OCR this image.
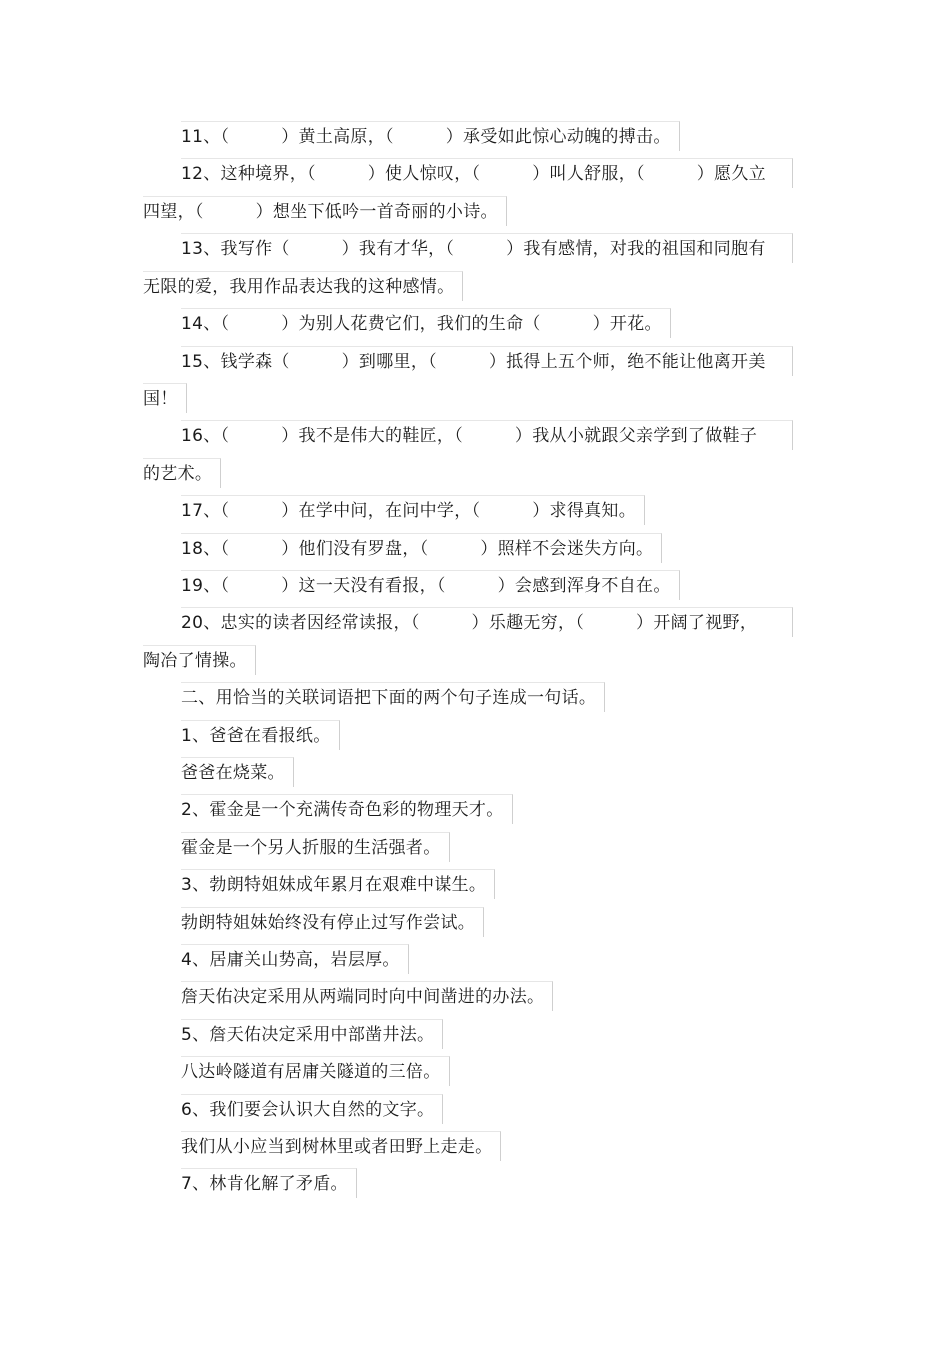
11、（　　　）黄土高原，（　　　）承受如此惊心动魄的搏击。
12、这种境界，（　　　）使人惊叹，（　　　）叫人舒服，（　　　）愿久立
四望，（　　　）想坐下低吟一首奇丽的小诗。
13、我写作（　　　）我有才华，（　　　）我有感情，对我的祖国和同胞有
无限的爱，我用作品表达我的这种感情。
14、（　　　）为别人花费它们，我们的生命（　　　）开花。
15、钱学森（　　　）到哪里，（　　　）抵得上五个师，绝不能让他离开美
国！
16、（　　　）我不是伟大的鞋匠，（　　　）我从小就跟父亲学到了做鞋子
的艺术。
17、（　　　）在学中问，在问中学，（　　　）求得真知。
18、（　　　）他们没有罗盘，（　　　）照样不会迷失方向。
19、（　　　）这一天没有看报，（　　　）会感到浑身不自在。
20、忠实的读者因经常读报，（　　　）乐趣无穷，（　　　）开阔了视野，
陶冶了情操。
二、用恰当的关联词语把下面的两个句子连成一句话。
1、爸爸在看报纸。
爸爸在烧菜。
2、霍金是一个充满传奇色彩的物理天才。
霍金是一个另人折服的生活强者。
3、勃朗特姐妹成年累月在艰难中谋生。
勃朗特姐妹始终没有停止过写作尝试。
4、居庸关山势高，岩层厚。
詹天佑决定采用从两端同时向中间凿进的办法。
5、詹天佑决定采用中部凿井法。
八达岭隧道有居庸关隧道的三倍。
6、我们要会认识大自然的文字。
我们从小应当到树林里或者田野上走走。
7、林肯化解了矛盾。
